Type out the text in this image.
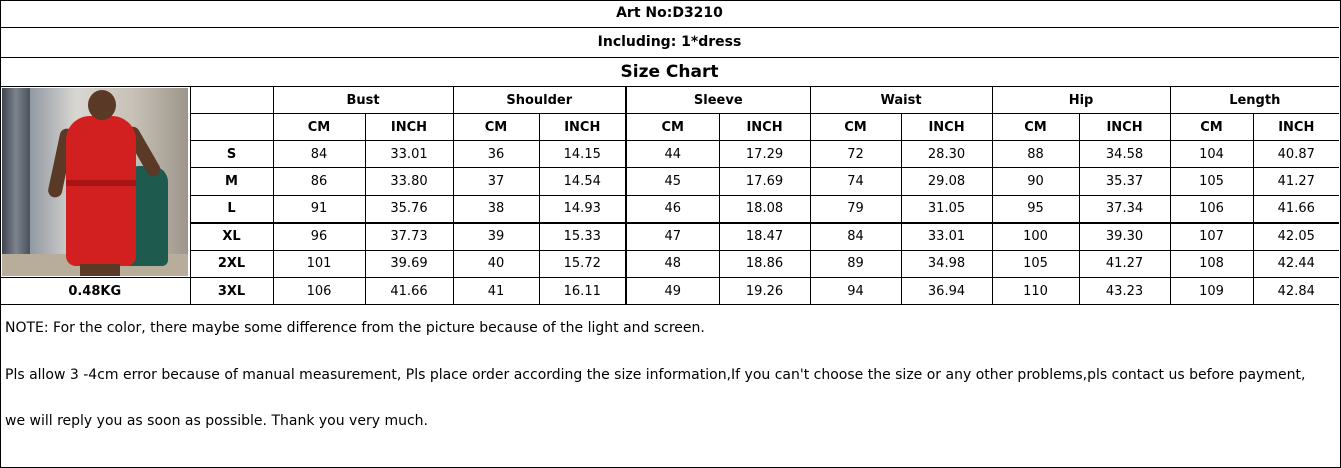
Art No:D3210
Including: 1*dress
Size Chart
		Bust		Shoulder		Sleeve		Waist		Hip		Length	
		CM	INCH	CM	INCH	CM	INCH	CM	INCH	CM	INCH	CM	INCH
	S	84	33.01	36	14.15	44	17.29	72	28.30	88	34.58	104	40.87
	M	86	33.80	37	14.54	45	17.69	74	29.08	90	35.37	105	41.27
	L	91	35.76	38	14.93	46	18.08	79	31.05	95	37.34	106	41.66
	XL	96	37.73	39	15.33	47	18.47	84	33.01	100	39.30	107	42.05
	2XL	101	39.69	40	15.72	48	18.86	89	34.98	105	41.27	108	42.44
0.48KG	3XL	106	41.66	41	16.11	49	19.26	94	36.94	110	43.23	109	42.84
NOTE: For the color, there maybe some difference from the picture because of the light and screen.
Pls allow 3 -4cm error because of manual measurement, Pls place order according the size information,If you can't choose the size or any other problems,pls contact us before payment,
we will reply you as soon as possible. Thank you very much.
